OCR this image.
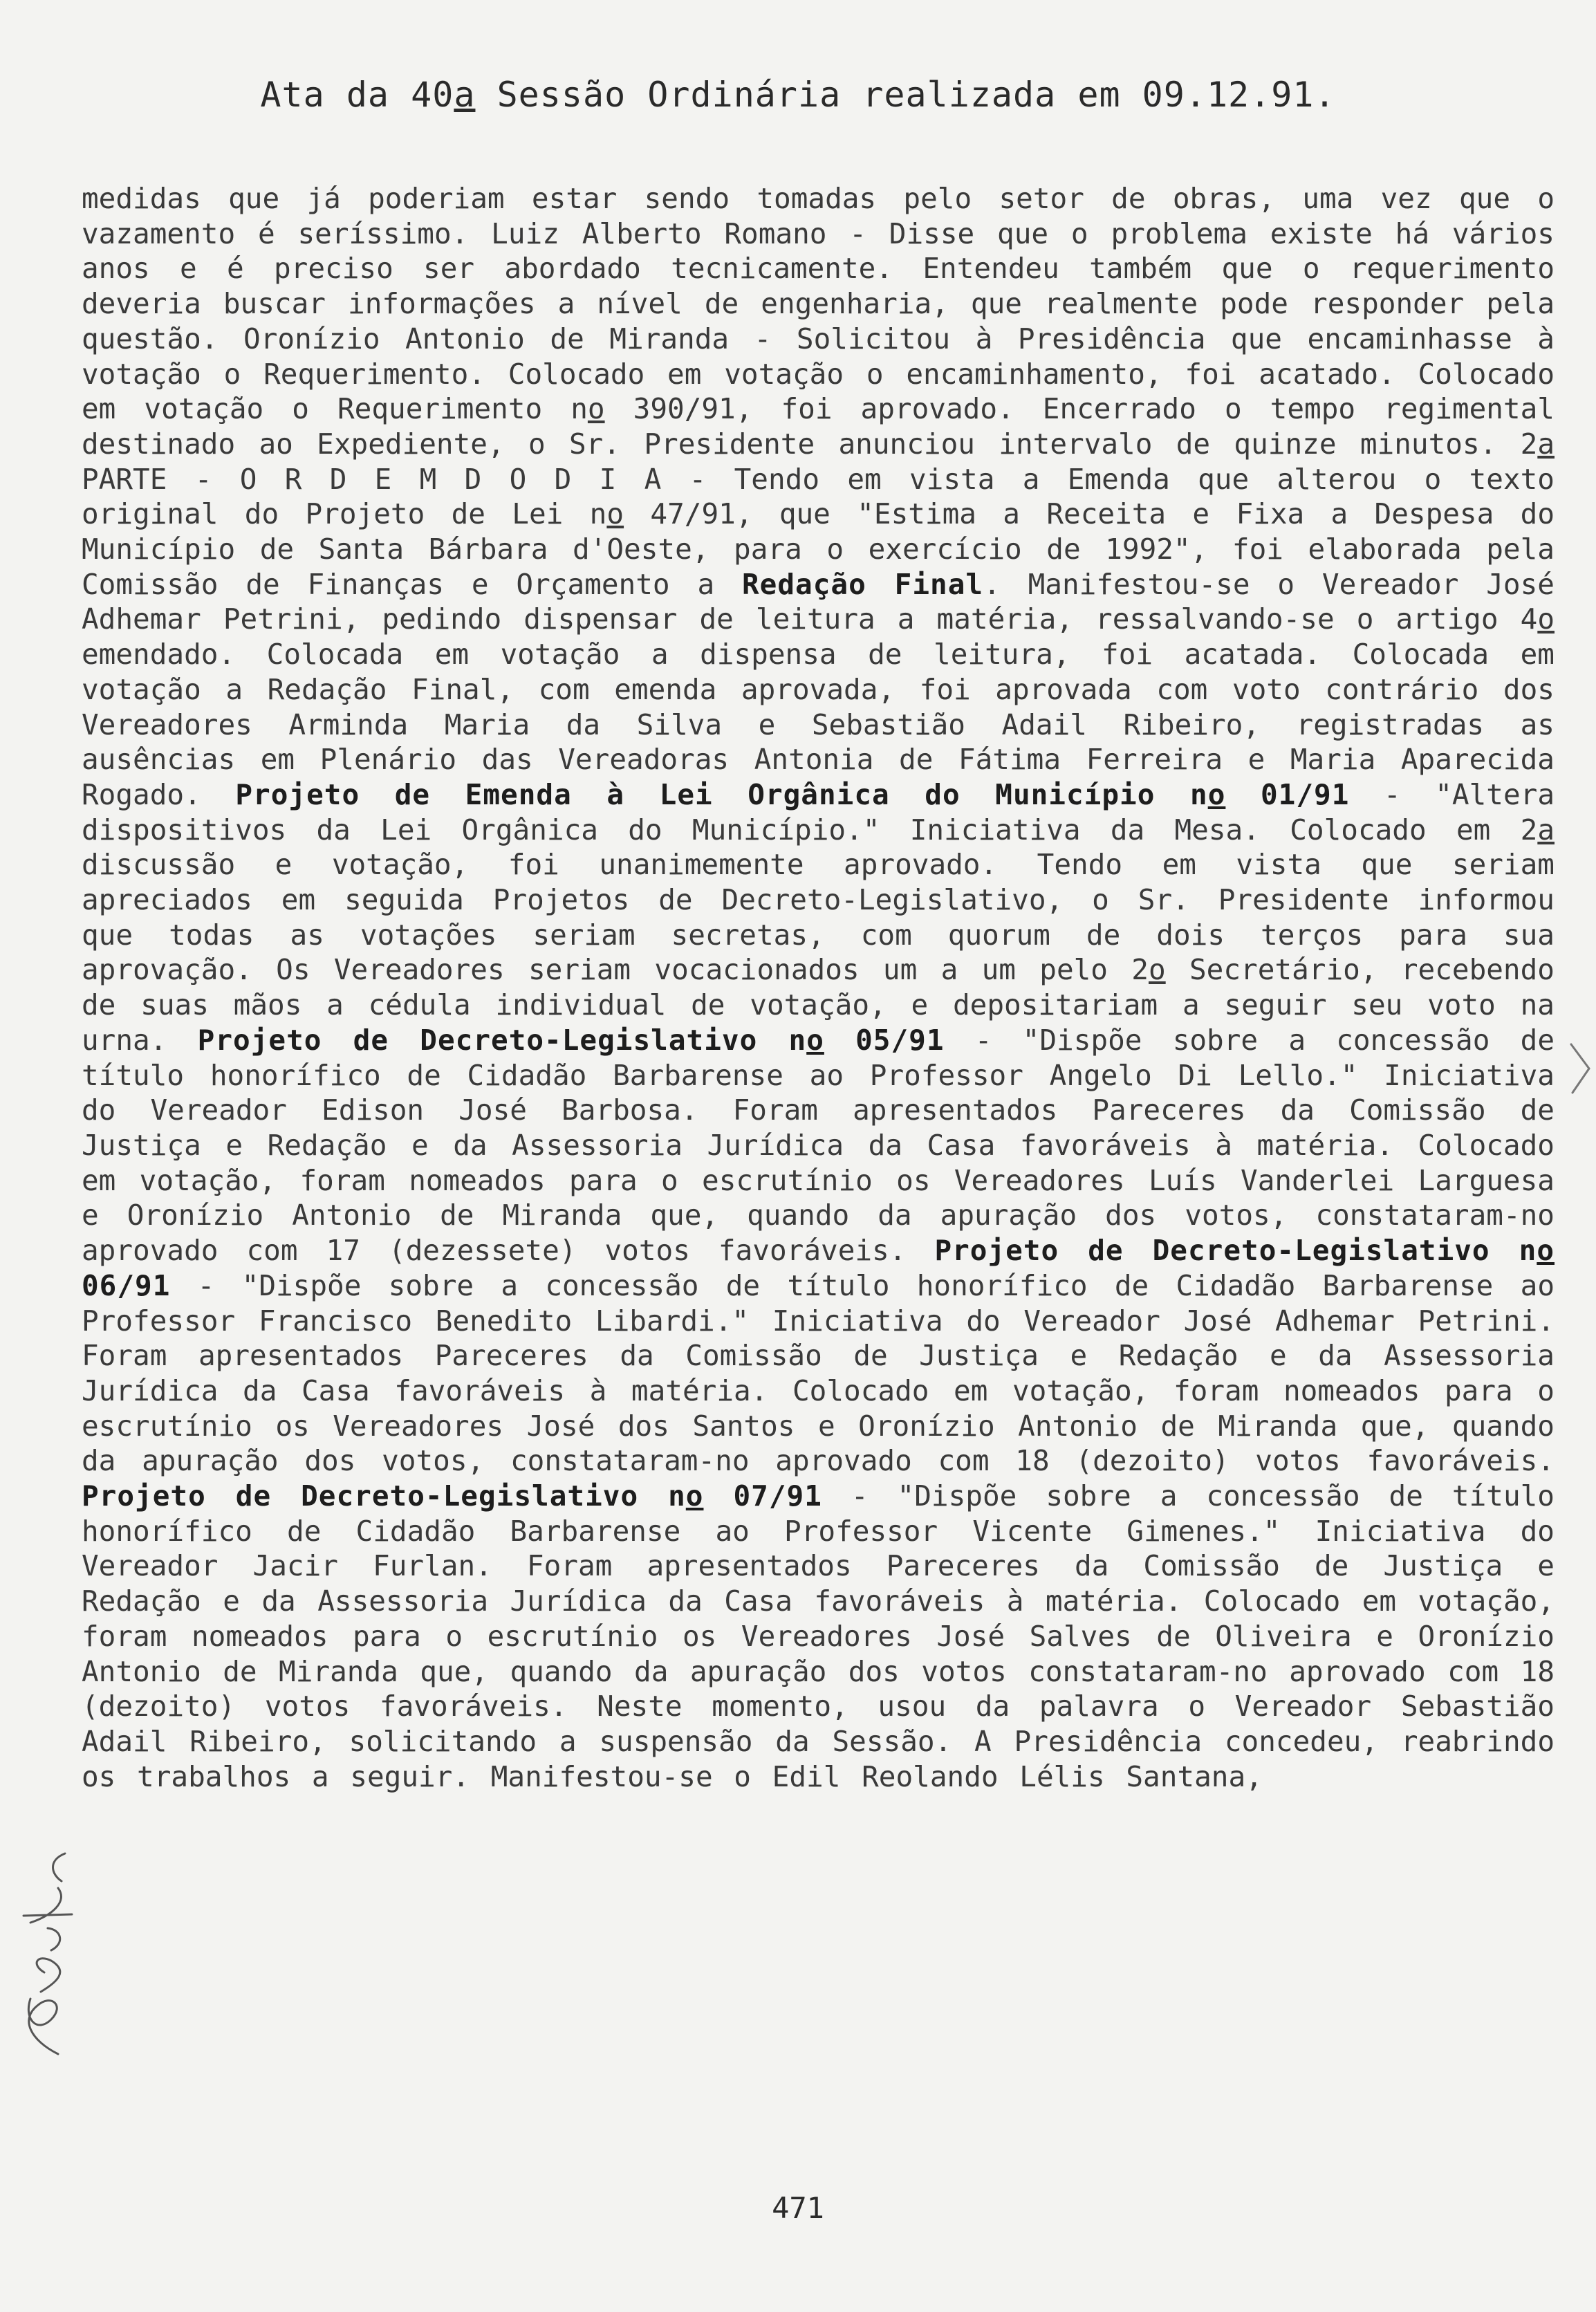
Ata da 40a Sessão Ordinária realizada em 09.12.91.
medidas que já poderiam estar sendo tomadas pelo setor de obras, uma vez que o vazamento é seríssimo. Luiz Alberto Romano - Disse que o problema existe há vários anos e é preciso ser abordado tecnicamente. Entendeu também que o requerimento deveria buscar informações a nível de engenharia, que realmente pode responder pela questão. Oronízio Antonio de Miranda - Solicitou à Presidência que encaminhasse à votação o Requerimento. Colocado em votação o encaminhamento, foi acatado. Colocado em votação o Requerimento no 390/91, foi aprovado. Encerrado o tempo regimental destinado ao Expediente, o Sr. Presidente anunciou intervalo de quinze minutos. 2a PARTE - O R D E M D O D I A - Tendo em vista a Emenda que alterou o texto original do Projeto de Lei no 47/91, que "Estima a Receita e Fixa a Despesa do Município de Santa Bárbara d'Oeste, para o exercício de 1992", foi elaborada pela Comissão de Finanças e Orçamento a Redação Final. Manifestou-se o Vereador José Adhemar Petrini, pedindo dispensar de leitura a matéria, ressalvando-se o artigo 4o emendado. Colocada em votação a dispensa de leitura, foi acatada. Colocada em votação a Redação Final, com emenda aprovada, foi aprovada com voto contrário dos Vereadores Arminda Maria da Silva e Sebastião Adail Ribeiro, registradas as ausências em Plenário das Vereadoras Antonia de Fátima Ferreira e Maria Aparecida Rogado. Projeto de Emenda à Lei Orgânica do Município no 01/91 - "Altera dispositivos da Lei Orgânica do Município." Iniciativa da Mesa. Colocado em 2a discussão e votação, foi unanimemente aprovado. Tendo em vista que seriam apreciados em seguida Projetos de Decreto-Legislativo, o Sr. Presidente informou que todas as votações seriam secretas, com quorum de dois terços para sua aprovação. Os Vereadores seriam vocacionados um a um pelo 2o Secretário, recebendo de suas mãos a cédula individual de votação, e depositariam a seguir seu voto na urna. Projeto de Decreto-Legislativo no 05/91 - "Dispõe sobre a concessão de título honorífico de Cidadão Barbarense ao Professor Angelo Di Lello." Iniciativa do Vereador Edison José Barbosa. Foram apresentados Pareceres da Comissão de Justiça e Redação e da Assessoria Jurídica da Casa favoráveis à matéria. Colocado em votação, foram nomeados para o escrutínio os Vereadores Luís Vanderlei Larguesa e Oronízio Antonio de Miranda que, quando da apuração dos votos, constataram-no aprovado com 17 (dezessete) votos favoráveis. Projeto de Decreto-Legislativo no 06/91 - "Dispõe sobre a concessão de título honorífico de Cidadão Barbarense ao Professor Francisco Benedito Libardi." Iniciativa do Vereador José Adhemar Petrini. Foram apresentados Pareceres da Comissão de Justiça e Redação e da Assessoria Jurídica da Casa favoráveis à matéria. Colocado em votação, foram nomeados para o escrutínio os Vereadores José dos Santos e Oronízio Antonio de Miranda que, quando da apuração dos votos, constataram-no aprovado com 18 (dezoito) votos favoráveis. Projeto de Decreto-Legislativo no 07/91 - "Dispõe sobre a concessão de título honorífico de Cidadão Barbarense ao Professor Vicente Gimenes." Iniciativa do Vereador Jacir Furlan. Foram apresentados Pareceres da Comissão de Justiça e Redação e da Assessoria Jurídica da Casa favoráveis à matéria. Colocado em votação, foram nomeados para o escrutínio os Vereadores José Salves de Oliveira e Oronízio Antonio de Miranda que, quando da apuração dos votos constataram-no aprovado com 18 (dezoito) votos favoráveis. Neste momento, usou da palavra o Vereador Sebastião Adail Ribeiro, solicitando a suspensão da Sessão. A Presidência concedeu, reabrindo os trabalhos a seguir. Manifestou-se o Edil Reolando Lélis Santana,
471
